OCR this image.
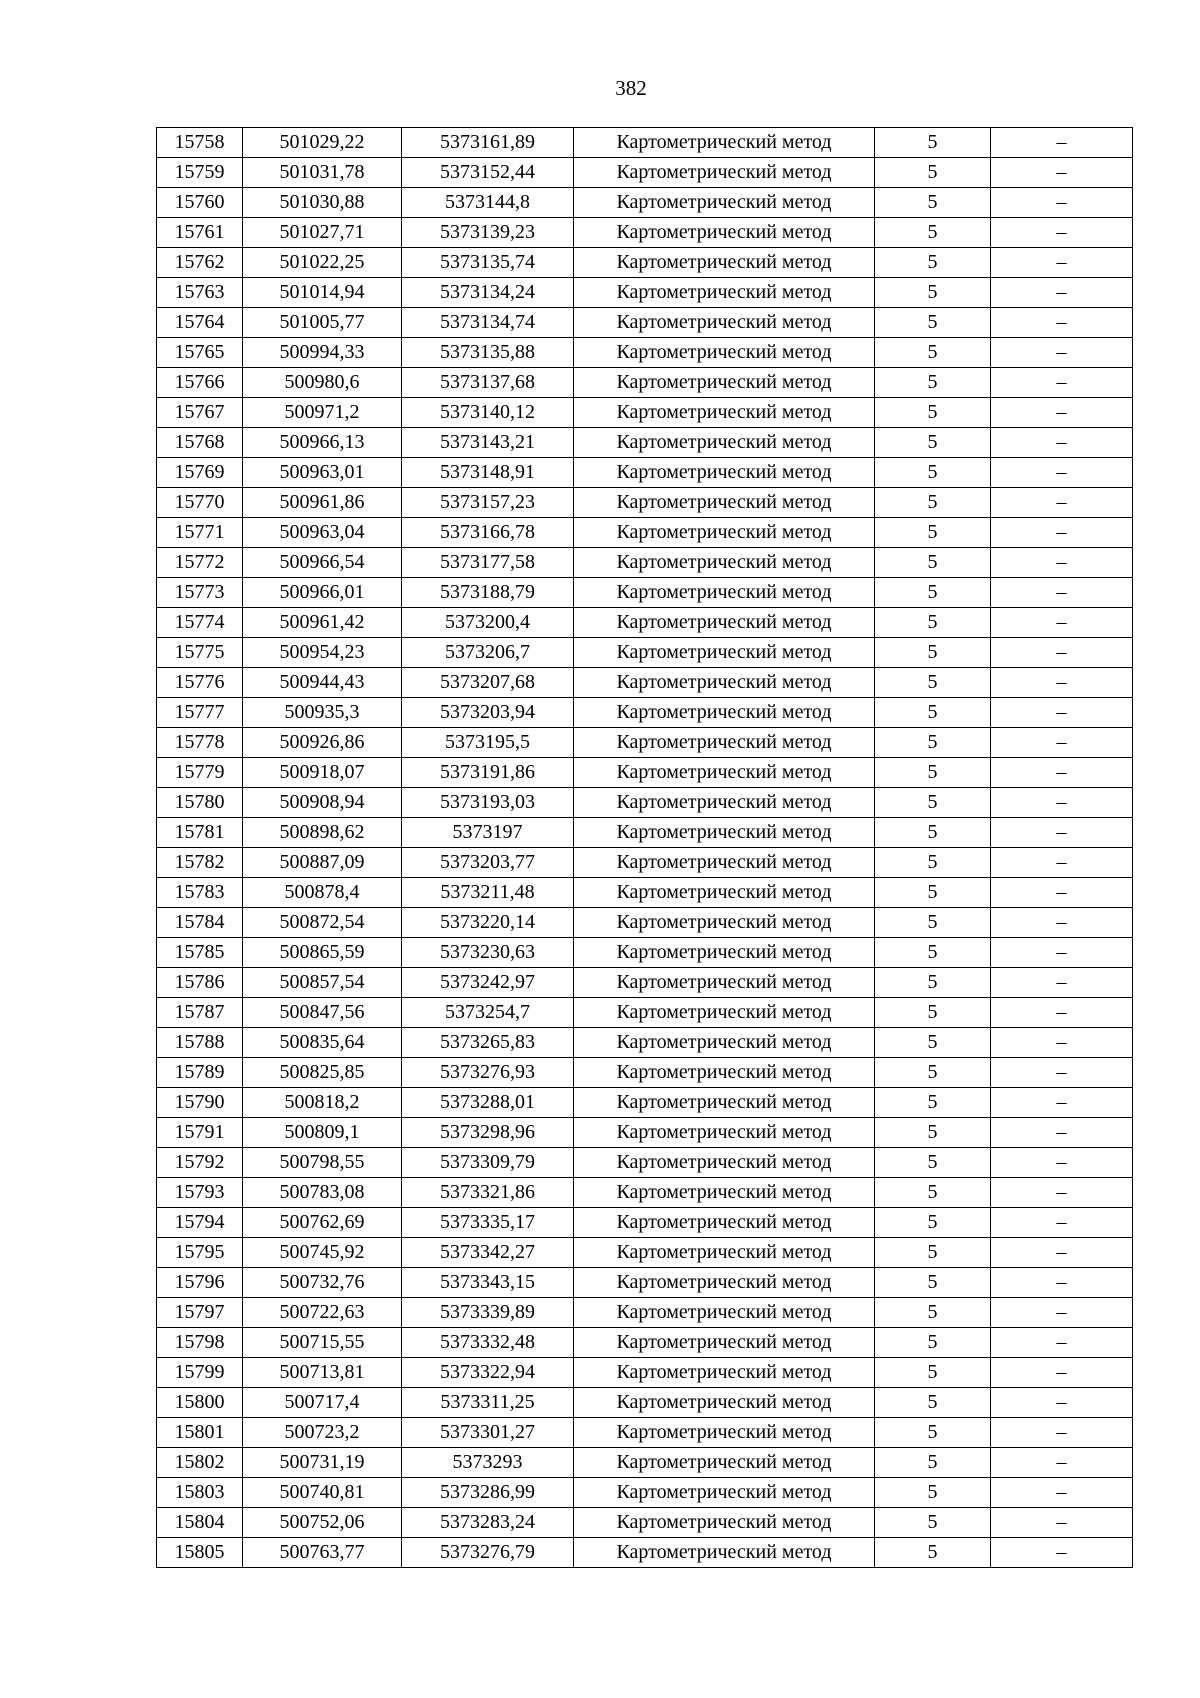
382
15758	501029,22	5373161,89	Картометрический метод	5	–
15759	501031,78	5373152,44	Картометрический метод	5	–
15760	501030,88	5373144,8	Картометрический метод	5	–
15761	501027,71	5373139,23	Картометрический метод	5	–
15762	501022,25	5373135,74	Картометрический метод	5	–
15763	501014,94	5373134,24	Картометрический метод	5	–
15764	501005,77	5373134,74	Картометрический метод	5	–
15765	500994,33	5373135,88	Картометрический метод	5	–
15766	500980,6	5373137,68	Картометрический метод	5	–
15767	500971,2	5373140,12	Картометрический метод	5	–
15768	500966,13	5373143,21	Картометрический метод	5	–
15769	500963,01	5373148,91	Картометрический метод	5	–
15770	500961,86	5373157,23	Картометрический метод	5	–
15771	500963,04	5373166,78	Картометрический метод	5	–
15772	500966,54	5373177,58	Картометрический метод	5	–
15773	500966,01	5373188,79	Картометрический метод	5	–
15774	500961,42	5373200,4	Картометрический метод	5	–
15775	500954,23	5373206,7	Картометрический метод	5	–
15776	500944,43	5373207,68	Картометрический метод	5	–
15777	500935,3	5373203,94	Картометрический метод	5	–
15778	500926,86	5373195,5	Картометрический метод	5	–
15779	500918,07	5373191,86	Картометрический метод	5	–
15780	500908,94	5373193,03	Картометрический метод	5	–
15781	500898,62	5373197	Картометрический метод	5	–
15782	500887,09	5373203,77	Картометрический метод	5	–
15783	500878,4	5373211,48	Картометрический метод	5	–
15784	500872,54	5373220,14	Картометрический метод	5	–
15785	500865,59	5373230,63	Картометрический метод	5	–
15786	500857,54	5373242,97	Картометрический метод	5	–
15787	500847,56	5373254,7	Картометрический метод	5	–
15788	500835,64	5373265,83	Картометрический метод	5	–
15789	500825,85	5373276,93	Картометрический метод	5	–
15790	500818,2	5373288,01	Картометрический метод	5	–
15791	500809,1	5373298,96	Картометрический метод	5	–
15792	500798,55	5373309,79	Картометрический метод	5	–
15793	500783,08	5373321,86	Картометрический метод	5	–
15794	500762,69	5373335,17	Картометрический метод	5	–
15795	500745,92	5373342,27	Картометрический метод	5	–
15796	500732,76	5373343,15	Картометрический метод	5	–
15797	500722,63	5373339,89	Картометрический метод	5	–
15798	500715,55	5373332,48	Картометрический метод	5	–
15799	500713,81	5373322,94	Картометрический метод	5	–
15800	500717,4	5373311,25	Картометрический метод	5	–
15801	500723,2	5373301,27	Картометрический метод	5	–
15802	500731,19	5373293	Картометрический метод	5	–
15803	500740,81	5373286,99	Картометрический метод	5	–
15804	500752,06	5373283,24	Картометрический метод	5	–
15805	500763,77	5373276,79	Картометрический метод	5	–
